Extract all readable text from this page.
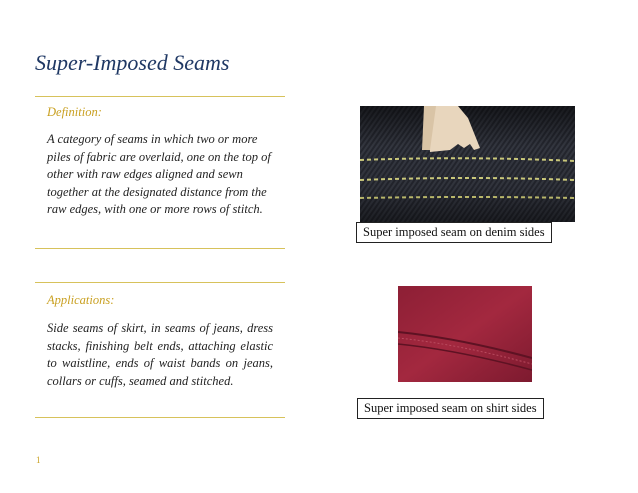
Super-Imposed Seams
Definition:
A category of seams in which two or more piles of fabric are overlaid, one on the top of other with raw edges aligned and sewn together at the designated distance from the raw edges, with one or more rows of stitch.
Applications:
Side seams of skirt, in seams of jeans, dress stacks, finishing belt ends, attaching elastic to waistline, ends of waist bands on jeans, collars or cuffs, seamed and stitched.
Super imposed seam on denim sides
Super imposed seam on shirt sides
1
